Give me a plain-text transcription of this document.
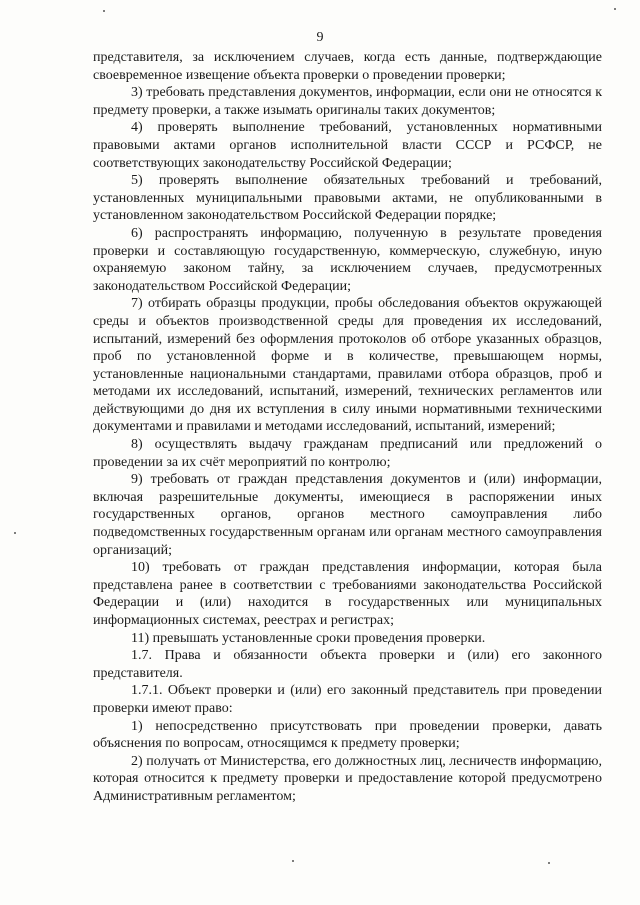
9

представителя, за исключением случаев, когда есть данные, подтверждающие своевременное извещение объекта проверки о проведении проверки;

3) требовать представления документов, информации, если они не относятся к предмету проверки, а также изымать оригиналы таких документов;

4) проверять выполнение требований, установленных нормативными правовыми актами органов исполнительной власти СССР и РСФСР, не соответствующих законодательству Российской Федерации;

5) проверять выполнение обязательных требований и требований, установленных муниципальными правовыми актами, не опубликованными в установленном законодательством Российской Федерации порядке;

6) распространять информацию, полученную в результате проведения проверки и составляющую государственную, коммерческую, служебную, иную охраняемую законом тайну, за исключением случаев, предусмотренных законодательством Российской Федерации;

7) отбирать образцы продукции, пробы обследования объектов окружающей среды и объектов производственной среды для проведения их исследований, испытаний, измерений без оформления протоколов об отборе указанных образцов, проб по установленной форме и в количестве, превышающем нормы, установленные национальными стандартами, правилами отбора образцов, проб и методами их исследований, испытаний, измерений, технических регламентов или действующими до дня их вступления в силу иными нормативными техническими документами и правилами и методами исследований, испытаний, измерений;

8) осуществлять выдачу гражданам предписаний или предложений о проведении за их счёт мероприятий по контролю;

9) требовать от граждан представления документов и (или) информации, включая разрешительные документы, имеющиеся в распоряжении иных государственных органов, органов местного самоуправления либо подведомственных государственным органам или органам местного самоуправления организаций;

10) требовать от граждан представления информации, которая была представлена ранее в соответствии с требованиями законодательства Российской Федерации и (или) находится в государственных или муниципальных информационных системах, реестрах и регистрах;

11) превышать установленные сроки проведения проверки.

1.7. Права и обязанности объекта проверки и (или) его законного представителя.

1.7.1. Объект проверки и (или) его законный представитель при проведении проверки имеют право:

1) непосредственно присутствовать при проведении проверки, давать объяснения по вопросам, относящимся к предмету проверки;

2) получать от Министерства, его должностных лиц, лесничеств информацию, которая относится к предмету проверки и предоставление которой предусмотрено Административным регламентом;
